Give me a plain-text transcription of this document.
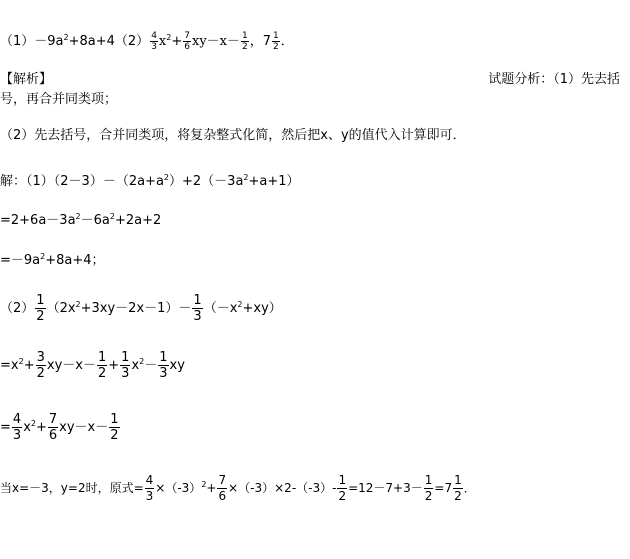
$(1)-9a^2+8a+4(2) \frac{4}{3} x^2+ \frac{7}{6} xy-x- \frac{1}{2}$ ，$7 \frac{1}{2}$ ．
【解析】	试题分析：（1）先去括
号，再合并同类项；
（2）先去括号，合并同类项，将复杂整式化简，然后把x、y的值代入计算即可．
解：$(1)(2-3)-(2a+a^2)+2(-3a^2+a+1)$
$=2+6a-3a^2-6a^2+2a+2$
$=-9a^2+8a+4$；
$(2) \frac{1}{2} (2x^2+3xy-2x-1)- \frac{1}{3} (-x^2+xy)$
$=x^2+ \frac{3}{2} xy-x- \frac{1}{2} + \frac{1}{3} x^2- \frac{1}{3}$ xy
= $\frac{4}{3} x^2+ \frac{7}{6} xy-x- \frac{1}{2}$
当x=－3，y=2时，原式= $\frac{4}{3} \times(-3)^2+ \frac{7}{6} \times(-3)\times 2-(-3)- \frac{1}{2} =12-7+3- \frac{1}{2} =7 \frac{1}{2}$ ．
